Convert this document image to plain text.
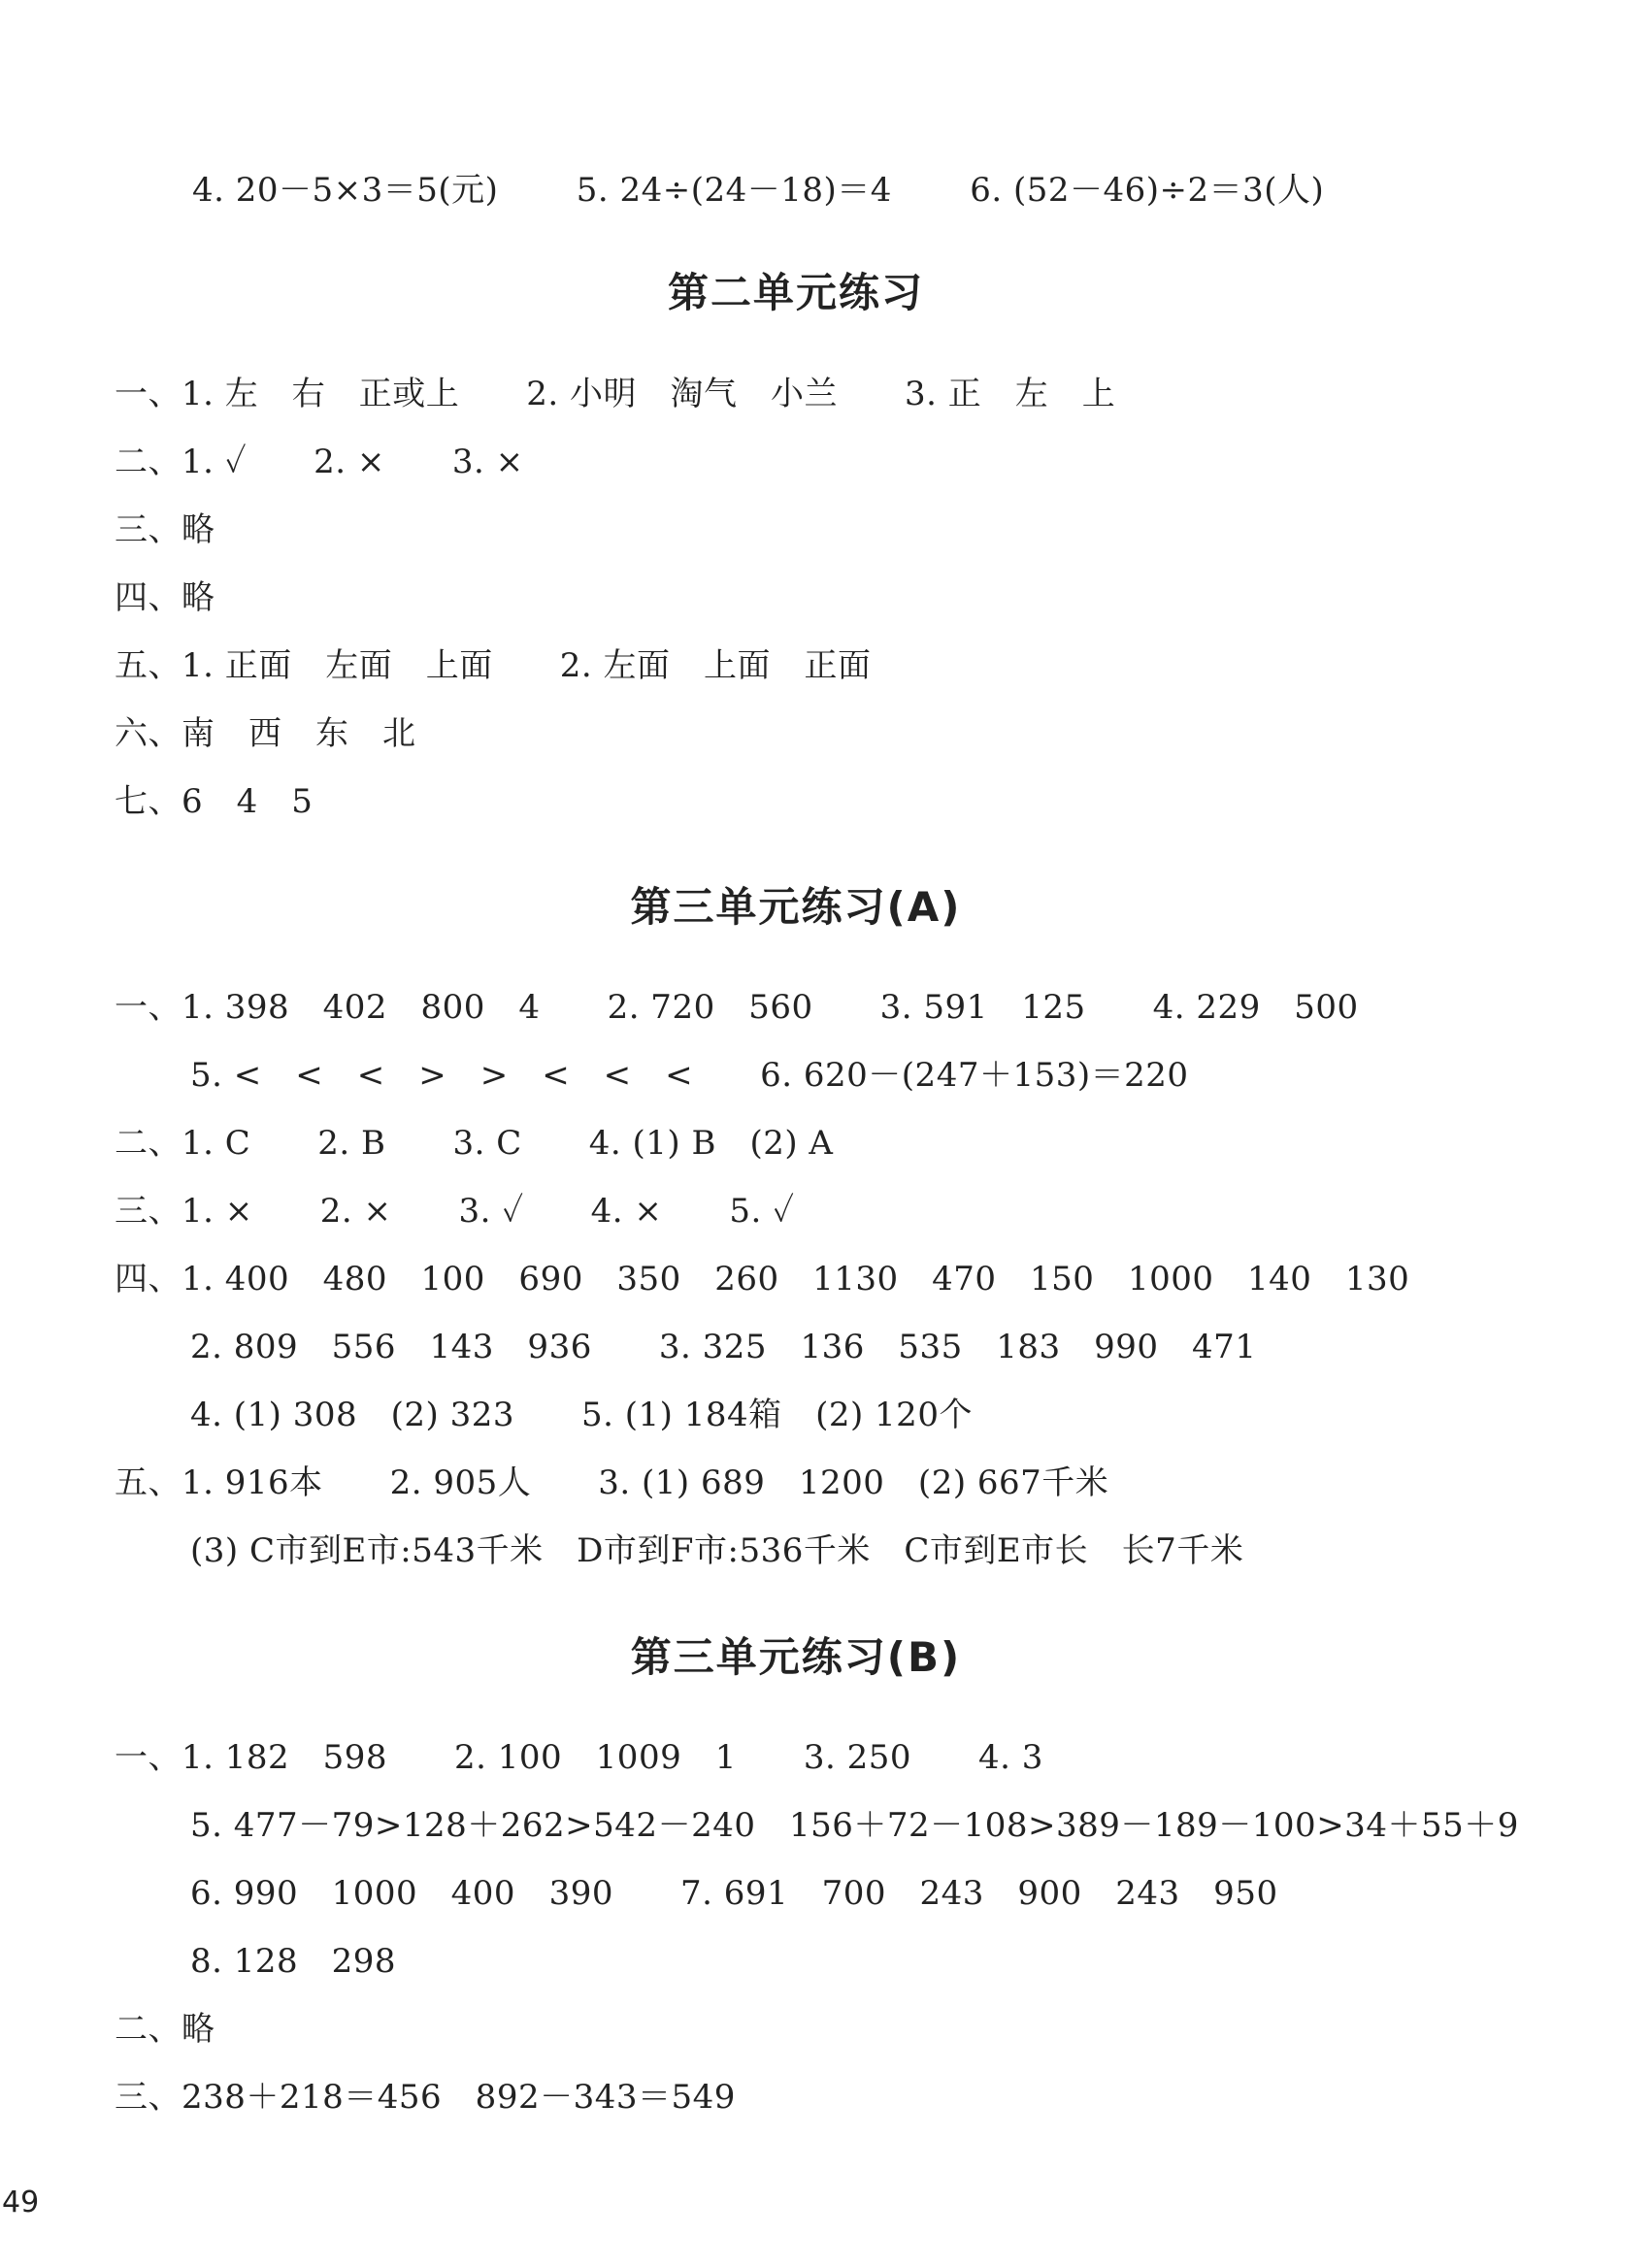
4. 20－5×3＝5(元)　　 5. 24÷(24－18)＝4　　 6. (52－46)÷2＝3(人)
第二单元练习
一、1. 左　右　正或上　　2. 小明　淘气　小兰　　3. 正　左　上
二、1. ✓　　2. ×　　3. ×
三、略
四、略
五、1. 正面　左面　上面　　2. 左面　上面　正面
六、南　西　东　北
七、6　4　5
第三单元练习(A)
一、1. 398　402　800　4　　2. 720　560　　3. 591　125　　4. 229　500
5. <　<　<　>　>　<　<　<　　6. 620－(247＋153)＝220
二、1. C　　2. B　　3. C　　4. (1) B　(2) A
三、1. ×　　2. ×　　3. ✓　　4. ×　　5. ✓
四、1. 400　480　100　690　350　260　1130　470　150　1000　140　130
2. 809　556　143　936　　3. 325　136　535　183　990　471
4. (1) 308　(2) 323　　5. (1) 184箱　(2) 120个
五、1. 916本　　2. 905人　　3. (1) 689　1200　(2) 667千米
(3) C市到E市:543千米　D市到F市:536千米　C市到E市长　长7千米
第三单元练习(B)
一、1. 182　598　　2. 100　1009　1　　3. 250　　4. 3
5. 477－79>128＋262>542－240　156＋72－108>389－189－100>34＋55＋9
6. 990　1000　400　390　　7. 691　700　243　900　243　950
8. 128　298
二、略
三、238＋218＝456　892－343＝549
49
